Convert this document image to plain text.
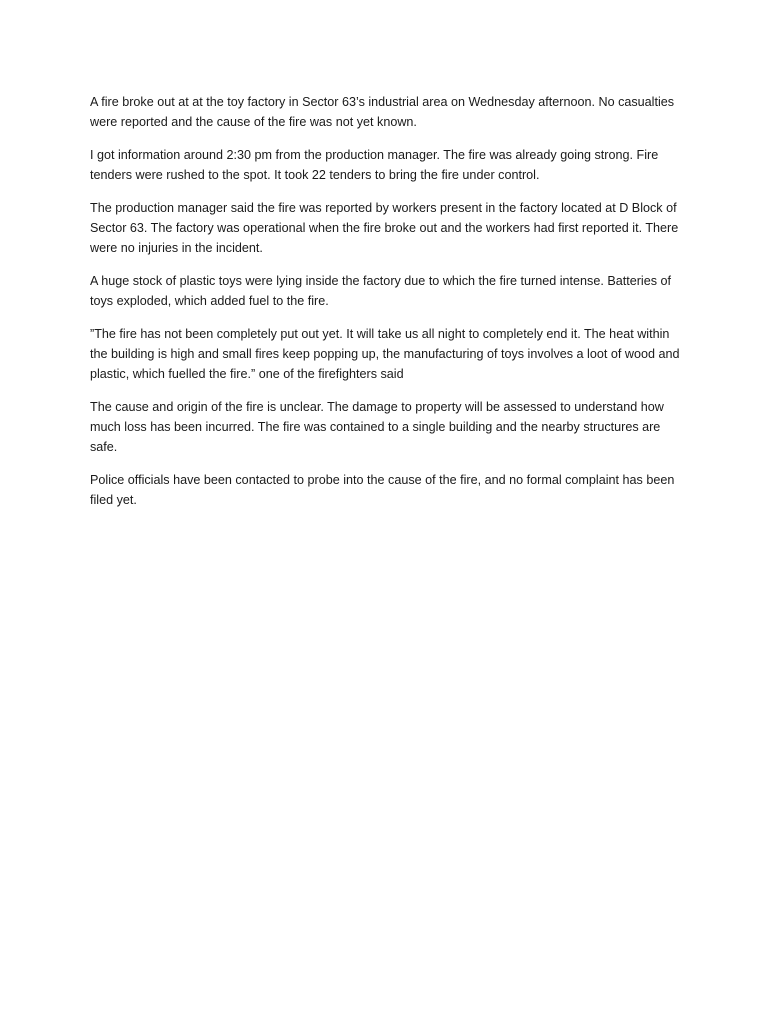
A fire broke out at at the toy factory in Sector 63’s industrial area on Wednesday afternoon. No casualties were reported and the cause of the fire was not yet known.

I got information around 2:30 pm from the production manager. The fire was already going strong. Fire tenders were rushed to the spot. It took 22 tenders to bring the fire under control.

The production manager said the fire was reported by workers present in the factory located at D Block of Sector 63. The factory was operational when the fire broke out and the workers had first reported it. There were no injuries in the incident.

A huge stock of plastic toys were lying inside the factory due to which the fire turned intense. Batteries of toys exploded, which added fuel to the fire.

”The fire has not been completely put out yet. It will take us all night to completely end it. The heat within the building is high and small fires keep popping up, the manufacturing of toys involves a loot of wood and plastic, which fuelled the fire.” one of the firefighters said

The cause and origin of the fire is unclear. The damage to property will be assessed to understand how much loss has been incurred. The fire was contained to a single building and the nearby structures are safe.

Police officials have been contacted to probe into the cause of the fire, and no formal complaint has been filed yet.
